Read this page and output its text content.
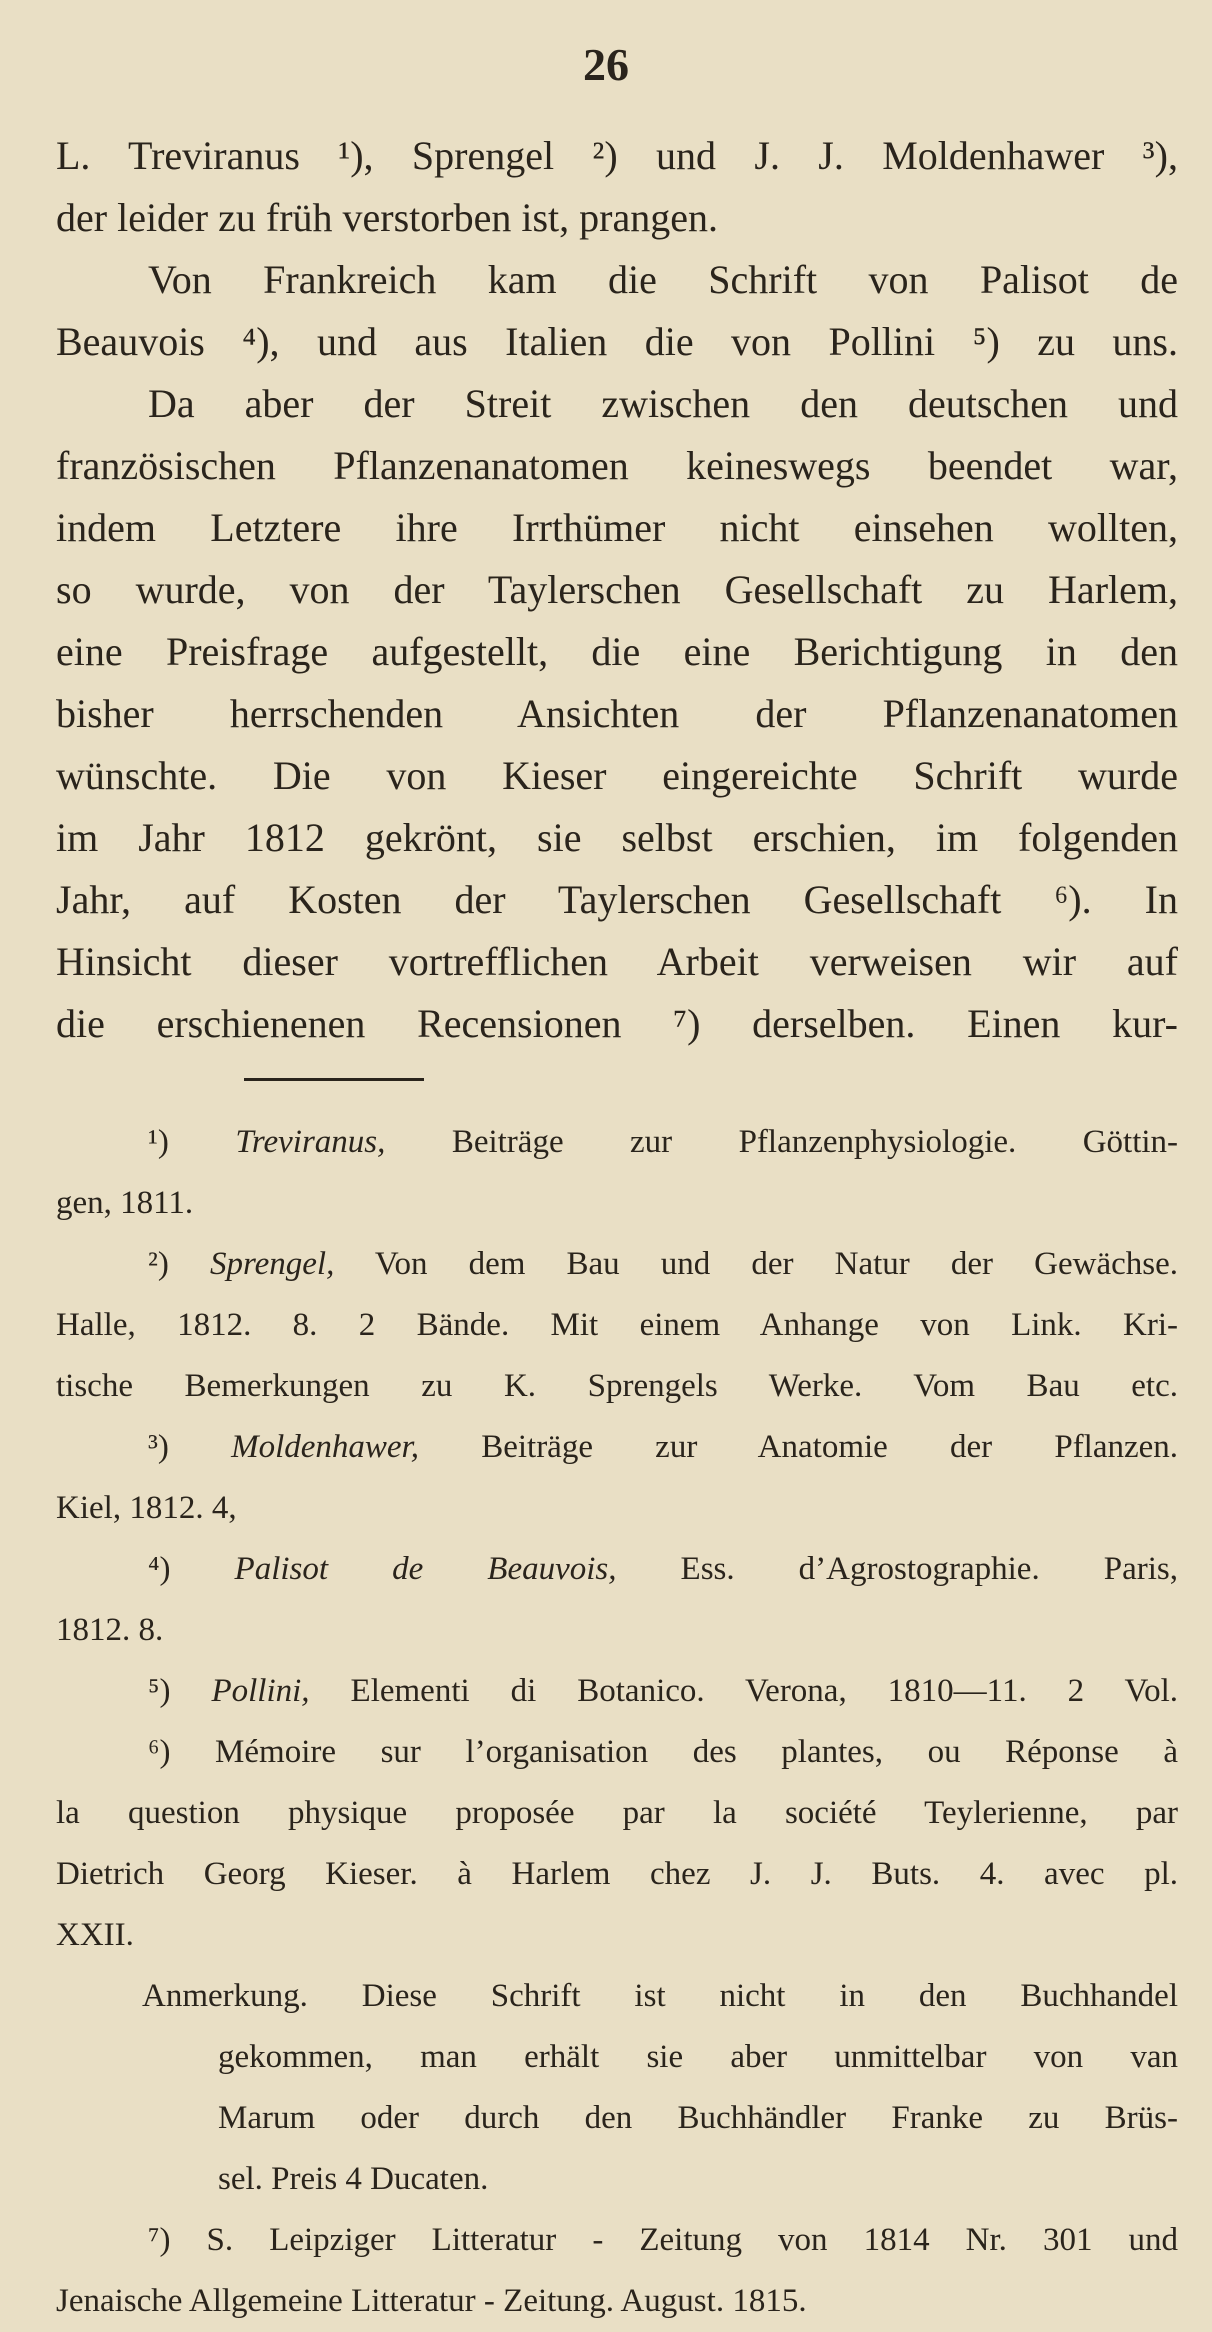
26
L. Treviranus ¹), Sprengel ²) und J. J. Moldenhawer ³),
der leider zu früh verstorben ist, prangen.
Von Frankreich kam die Schrift von Palisot de
Beauvois ⁴), und aus Italien die von Pollini ⁵) zu uns.
Da aber der Streit zwischen den deutschen und
französischen Pflanzenanatomen keineswegs beendet war,
indem Letztere ihre Irrthümer nicht einsehen wollten,
so wurde, von der Taylerschen Gesellschaft zu Harlem,
eine Preisfrage aufgestellt, die eine Berichtigung in den
bisher herrschenden Ansichten der Pflanzenanatomen
wünschte. Die von Kieser eingereichte Schrift wurde
im Jahr 1812 gekrönt, sie selbst erschien, im folgenden
Jahr, auf Kosten der Taylerschen Gesellschaft ⁶). In
Hinsicht dieser vortrefflichen Arbeit verweisen wir auf
die erschienenen Recensionen ⁷) derselben. Einen kur-
¹) Treviranus, Beiträge zur Pflanzenphysiologie. Göttin-
gen, 1811.
²) Sprengel, Von dem Bau und der Natur der Gewächse.
Halle, 1812. 8. 2 Bände. Mit einem Anhange von Link. Kri-
tische Bemerkungen zu K. Sprengels Werke. Vom Bau etc.
³) Moldenhawer, Beiträge zur Anatomie der Pflanzen.
Kiel, 1812. 4,
⁴) Palisot de Beauvois, Ess. d’Agrostographie. Paris,
1812. 8.
⁵) Pollini, Elementi di Botanico. Verona, 1810—11. 2 Vol.
⁶) Mémoire sur l’organisation des plantes, ou Réponse à
la question physique proposée par la société Teylerienne, par
Dietrich Georg Kieser. à Harlem chez J. J. Buts. 4. avec pl.
XXII.
Anmerkung. Diese Schrift ist nicht in den Buchhandel
gekommen, man erhält sie aber unmittelbar von van
Marum oder durch den Buchhändler Franke zu Brüs-
sel. Preis 4 Ducaten.
⁷) S. Leipziger Litteratur - Zeitung von 1814 Nr. 301 und
Jenaische Allgemeine Litteratur - Zeitung. August. 1815.
